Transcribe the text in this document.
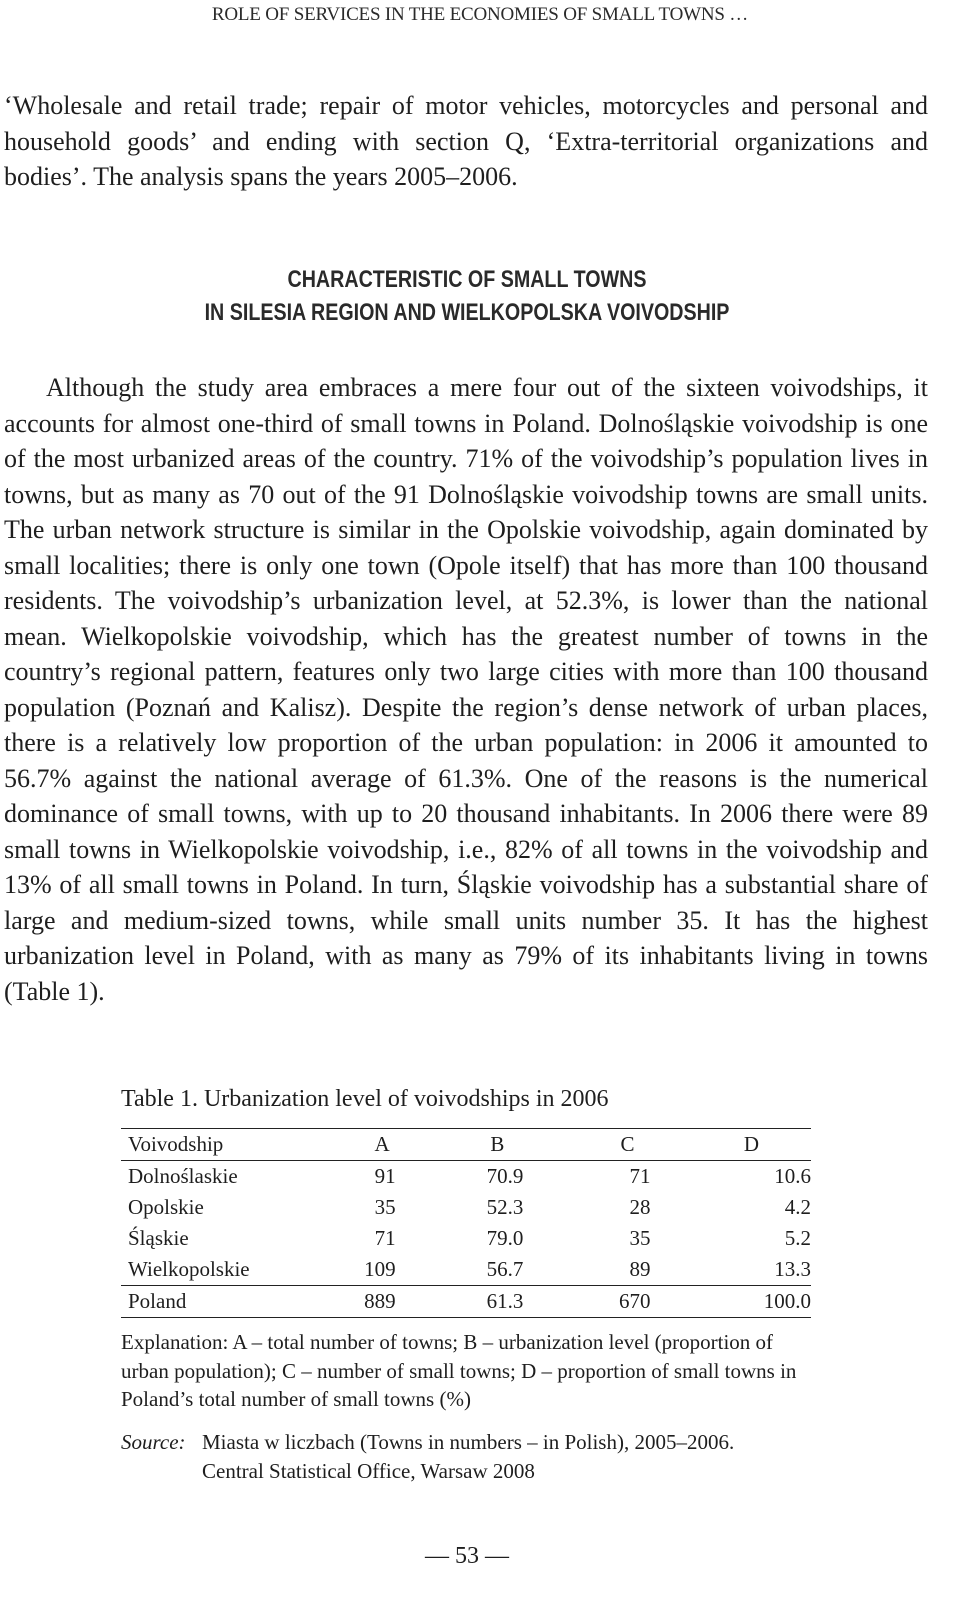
ROLE OF SERVICES IN THE ECONOMIES OF SMALL TOWNS …

‘Wholesale and retail trade; repair of motor vehicles, motorcycles and personal and household goods’ and ending with section Q, ‘Extra-territorial organizations and bodies’. The analysis spans the years 2005–2006.

CHARACTERISTIC OF SMALL TOWNS
IN SILESIA REGION AND WIELKOPOLSKA VOIVODSHIP

Although the study area embraces a mere four out of the sixteen voivodships, it accounts for almost one-third of small towns in Poland. Dolnośląskie voivodship is one of the most urbanized areas of the country. 71% of the voivodship’s population lives in towns, but as many as 70 out of the 91 Dolnośląskie voivodship towns are small units. The urban network structure is similar in the Opolskie voivodship, again dominated by small localities; there is only one town (Opole itself) that has more than 100 thousand residents. The voivodship’s urbanization level, at 52.3%, is lower than the national mean. Wielkopolskie voivodship, which has the greatest number of towns in the country’s regional pattern, features only two large cities with more than 100 thousand population (Poznań and Kalisz). Despite the region’s dense network of urban places, there is a relatively low proportion of the urban population: in 2006 it amounted to 56.7% against the national average of 61.3%. One of the reasons is the numerical dominance of small towns, with up to 20 thousand inhabitants. In 2006 there were 89 small towns in Wielkopolskie voivodship, i.e., 82% of all towns in the voivodship and 13% of all small towns in Poland. In turn, Śląskie voivodship has a substantial share of large and medium-sized towns, while small units number 35. It has the highest urbanization level in Poland, with as many as 79% of its inhabitants living in towns (Table 1).

Table 1. Urbanization level of voivodships in 2006

Voivodship	A	B	C	D
Dolnoślaskie	91	70.9	71	10.6
Opolskie	35	52.3	28	4.2
Śląskie	71	79.0	35	5.2
Wielkopolskie	109	56.7	89	13.3
Poland	889	61.3	670	100.0

Explanation: A – total number of towns; B – urbanization level (proportion of urban population); C – number of small towns; D – proportion of small towns in Poland’s total number of small towns (%)

Source: Miasta w liczbach (Towns in numbers – in Polish), 2005–2006.
Central Statistical Office, Warsaw 2008
— 53 —
